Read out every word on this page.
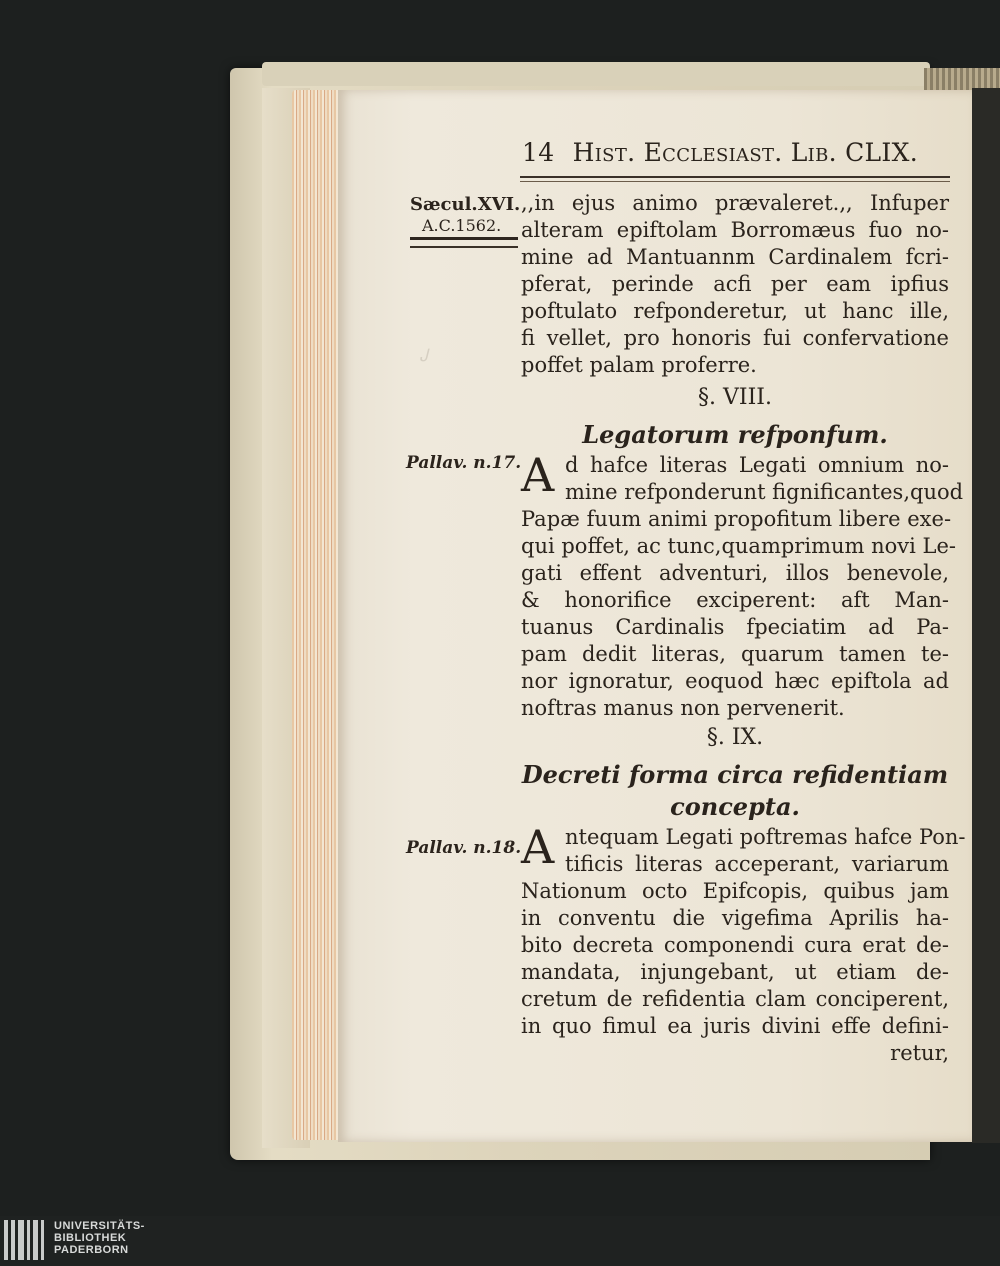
Ꭻ
14 Hist. Ecclesiast. Lib. CLIX.
Sæcul.XVI.
A.C.1562.
Pallav. n.17.
Pallav. n.18.
,,in ejus animo prævaleret.,, Infuper
alteram epiftolam Borromæus fuo no-
mine ad Mantuannm Cardinalem fcri-
pferat, perinde acfi per eam ipfius
poftulato refponderetur, ut hanc ille,
fi vellet, pro honoris fui confervatione
poffet palam proferre.
§. VIII.
Legatorum refponfum.
A d hafce literas Legati omnium no-
mine refponderunt fignificantes,quod
Papæ fuum animi propofitum libere exe-
qui poffet, ac tunc,quamprimum novi Le-
gati effent adventuri, illos benevole,
& honorifice exciperent: aft Man-
tuanus Cardinalis fpeciatim ad Pa-
pam dedit literas, quarum tamen te-
nor ignoratur, eoquod hæc epiftola ad
noftras manus non pervenerit.
§. IX.
Decreti forma circa refidentiam
concepta.
A ntequam Legati poftremas hafce Pon-
tificis literas acceperant, variarum
Nationum octo Epifcopis, quibus jam
in conventu die vigefima Aprilis ha-
bito decreta componendi cura erat de-
mandata, injungebant, ut etiam de-
cretum de refidentia clam conciperent,
in quo fimul ea juris divini effe defini-
retur,
UNIVERSITÄTS-
BIBLIOTHEK
PADERBORN
